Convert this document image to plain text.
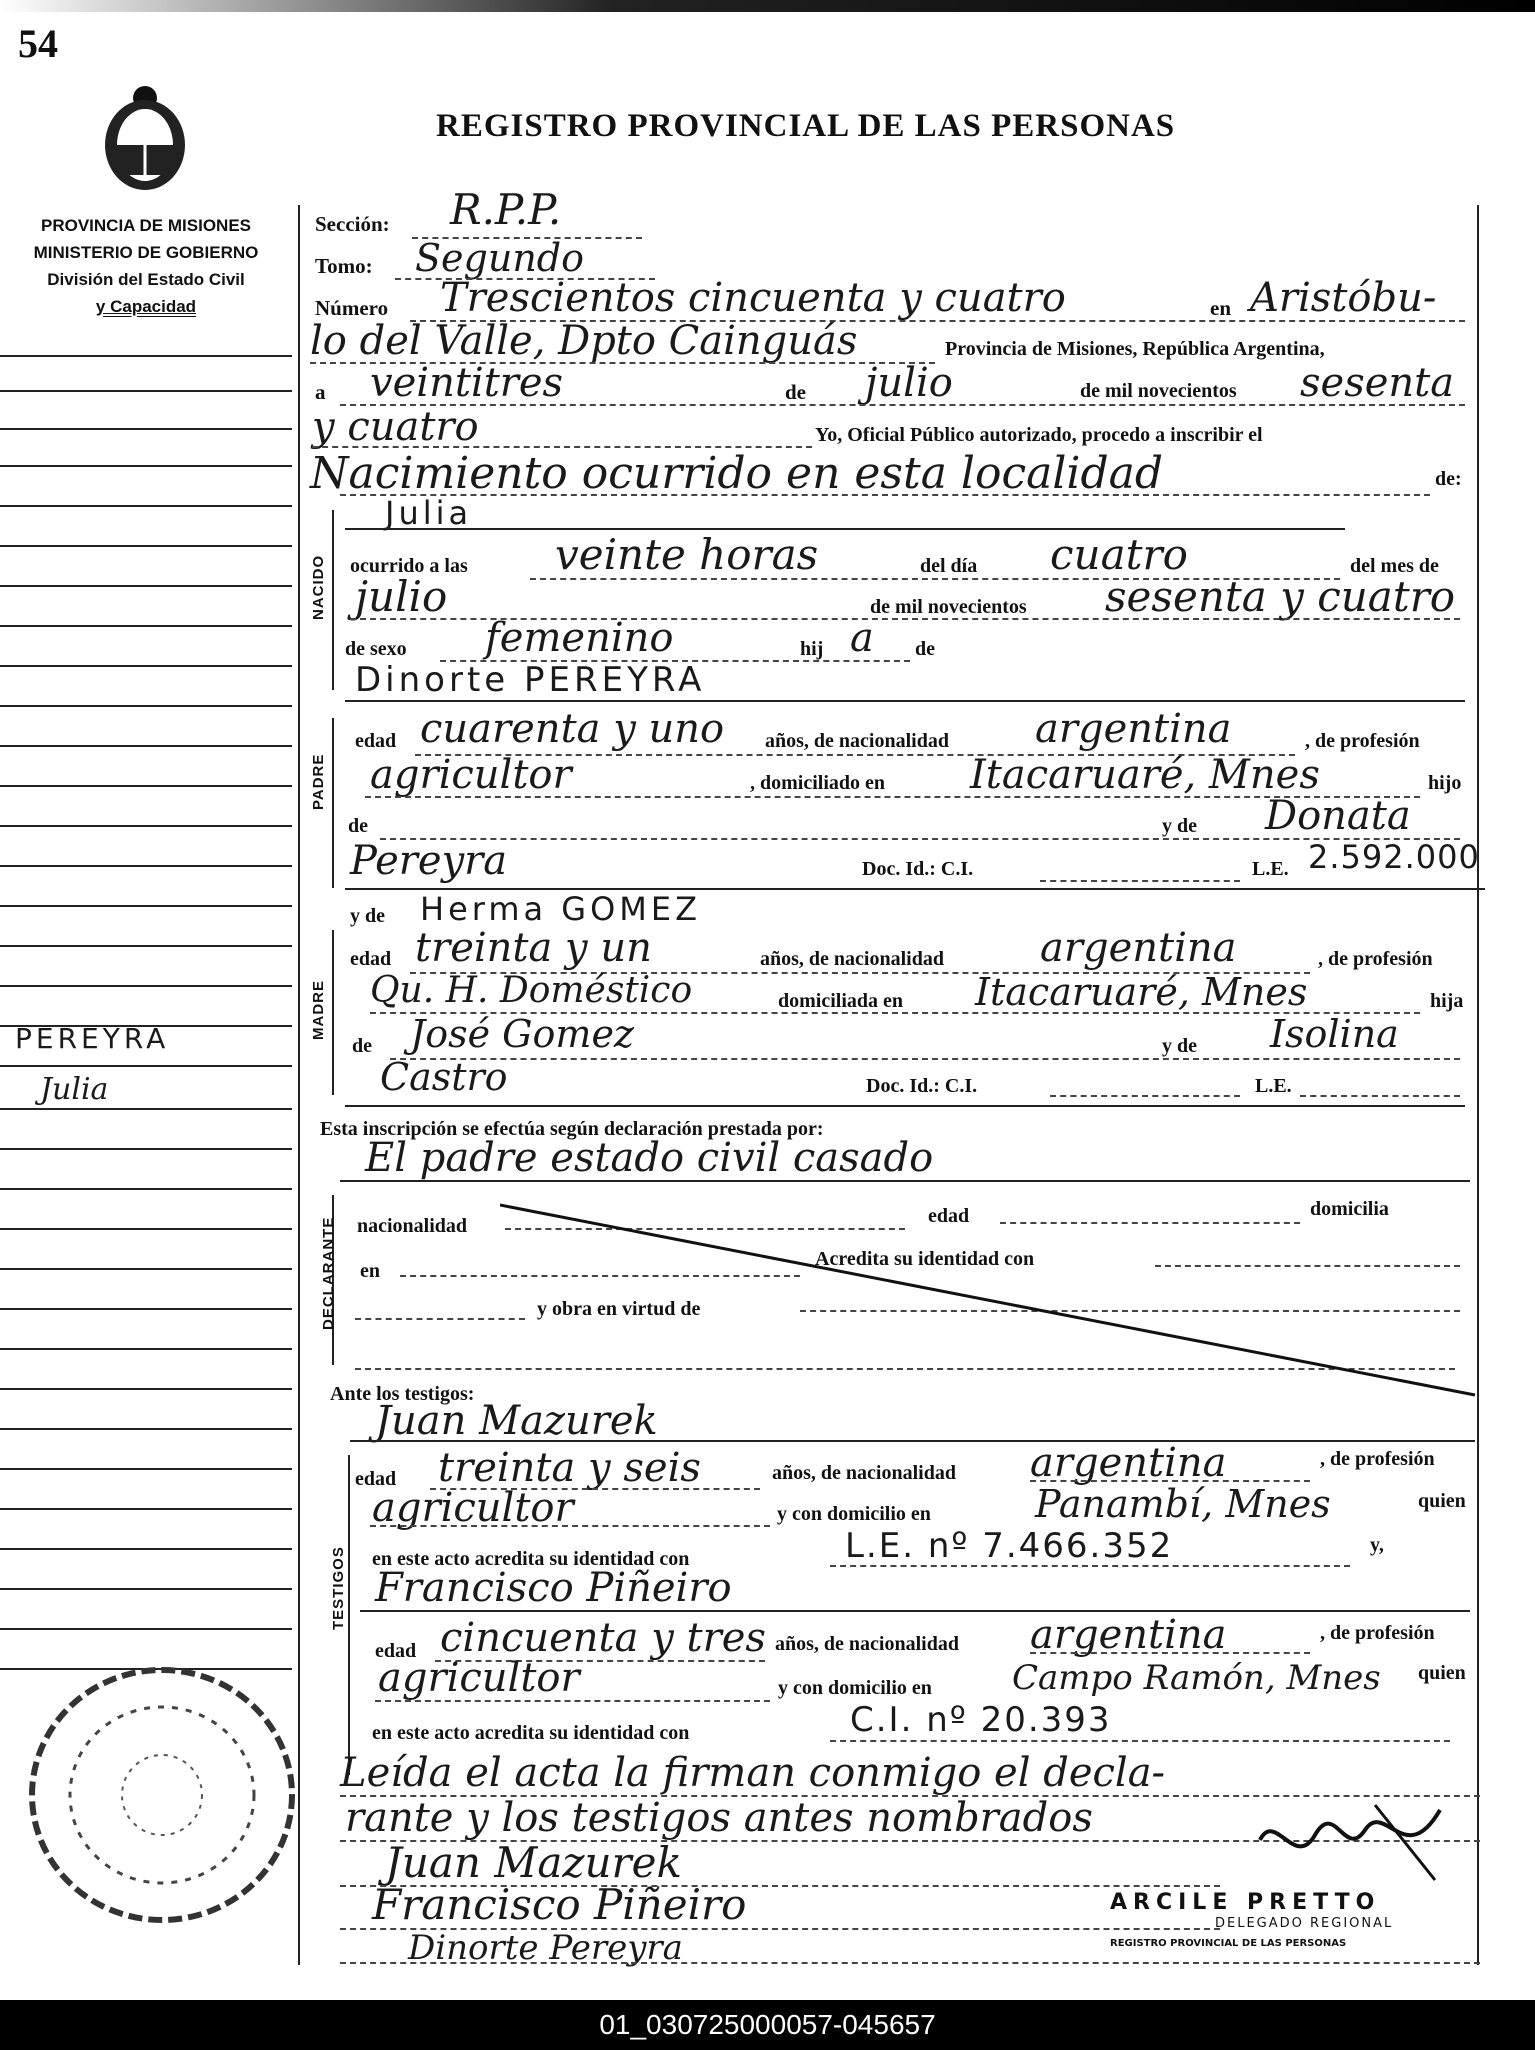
54
REGISTRO PROVINCIAL DE LAS PERSONAS
PROVINCIA DE MISIONES
MINISTERIO DE GOBIERNO
División del Estado Civil
y Capacidad
PEREYRA
Julia
Sección: R.P.P.
Tomo: Segundo
Número Trescientos cincuenta y cuatro	en Aristóbu-
lo del Valle, Dpto Cainguás	Provincia de Misiones, República Argentina,
a veintitres	de julio	de mil novecientos sesenta
y cuatro	Yo, Oficial Público autorizado, procedo a inscribir el
Nacimiento ocurrido en esta localidad	de:
NACIDO
Julia
ocurrido a las veinte horas	del día cuatro	del mes de
julio	de mil novecientos sesenta y cuatro
de sexo femenino	hij a de
Dinorte PEREYRA
PADRE
edad cuarenta y uno años, de nacionalidad argentina	, de profesión
agricultor	, domiciliado en Itacaruaré, Mnes	hijo
de	y de Donata
Pereyra	Doc. Id.: C.I.	L.E. 2.592.000
y de Herma GOMEZ
MADRE
edad treinta y un	años, de nacionalidad argentina	, de profesión
Qu. H. Doméstico	domiciliada en Itacaruaré, Mnes	hija
de José Gomez	y de Isolina
Castro	Doc. Id.: C.I.	L.E.
Esta inscripción se efectúa según declaración prestada por:
El padre estado civil casado
DECLARANTE nacionalidad	edad	domicilia
en
Acredita su identidad con
y obra en virtud de
Ante los testigos:
Juan Mazurek
TESTIGOS
edad treinta y seis	años, de nacionalidad argentina	, de profesión
agricultor	y con domicilio en	Panambí, Mnes	quien
en este acto acredita su identidad con	L.E. nº 7.466.352	y,
Francisco Piñeiro
edad cincuenta y tres años, de nacionalidad argentina	, de profesión
agricultor	y con domicilio en Campo Ramón, Mnes quien
en este acto acredita su identidad con	C.I. nº 20.393
Leída el acta la firman conmigo el decla-
rante y los testigos antes nombrados
Juan Mazurek
Francisco Piñeiro
Dinorte Pereyra
ARCILE PRETTO
DELEGADO REGIONAL
REGISTRO PROVINCIAL DE LAS PERSONAS
01_030725000057-045657
